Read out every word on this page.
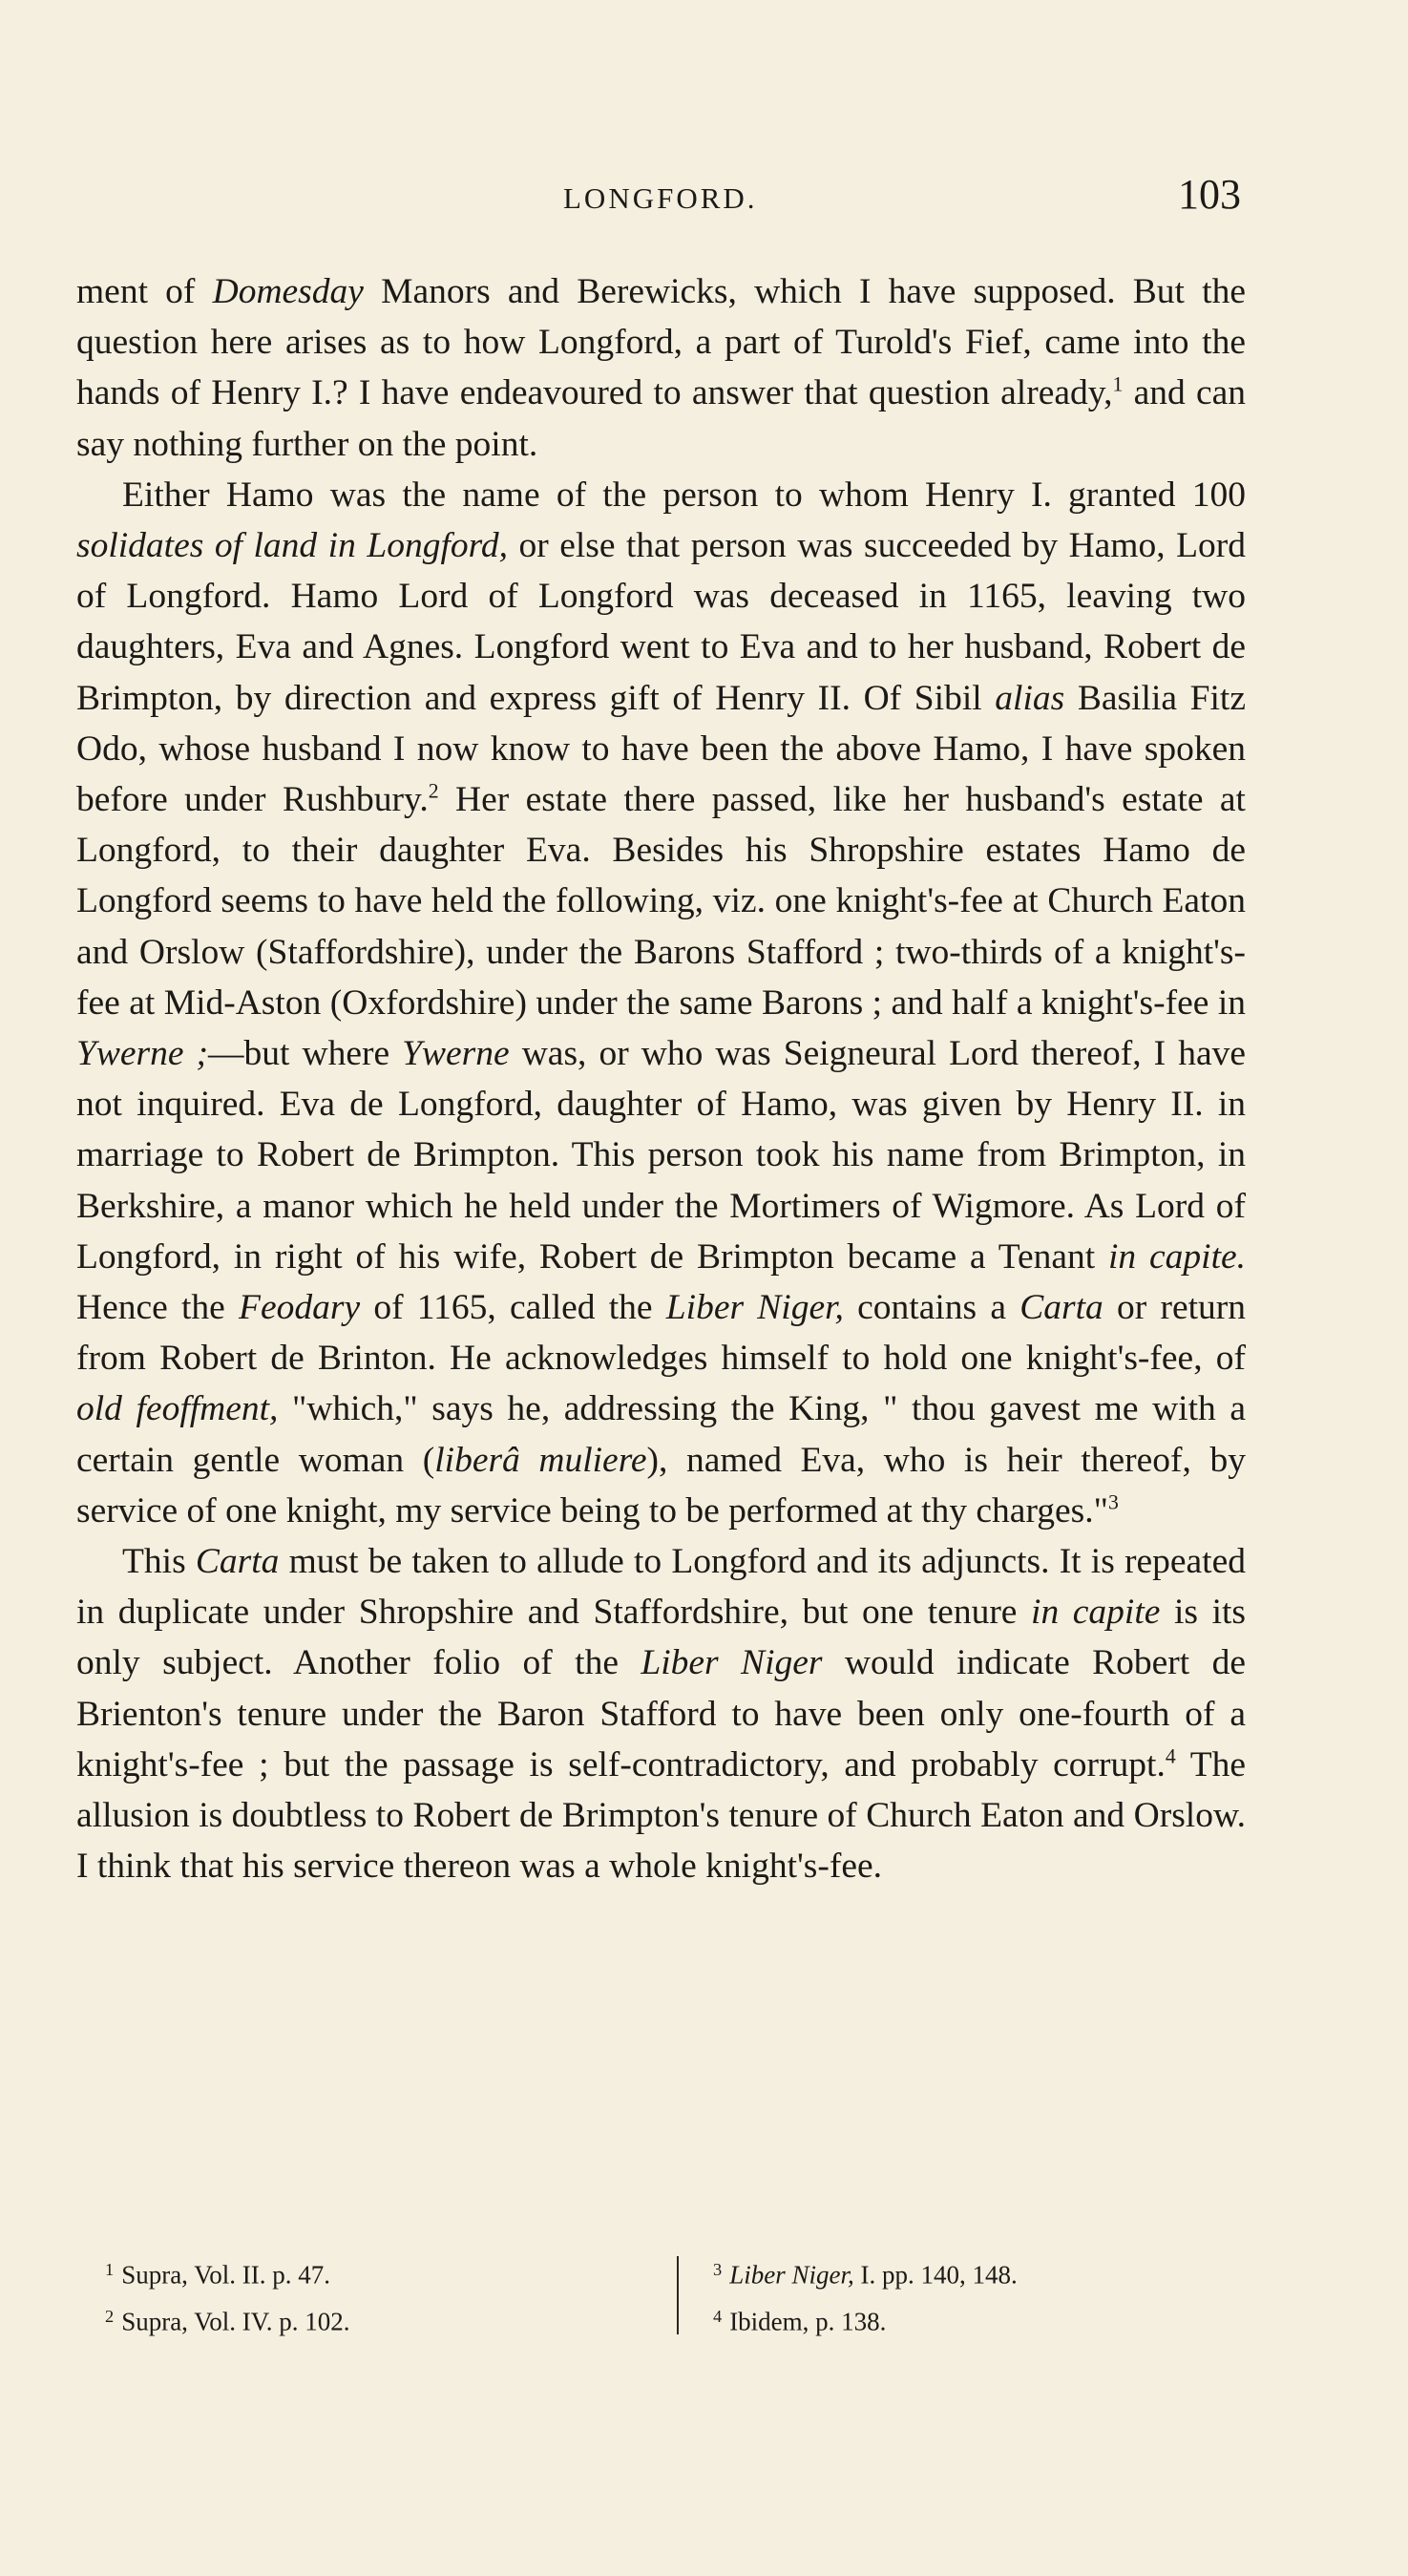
LONGFORD.	103

ment of Domesday Manors and Berewicks, which I have supposed. But the question here arises as to how Longford, a part of Turold's Fief, came into the hands of Henry I.? I have endeavoured to answer that question already,$^1$ and can say nothing further on the point.

Either Hamo was the name of the person to whom Henry I. granted 100 solidates of land in Longford, or else that person was succeeded by Hamo, Lord of Longford. Hamo Lord of Longford was deceased in 1165, leaving two daughters, Eva and Agnes. Longford went to Eva and to her husband, Robert de Brimpton, by direction and express gift of Henry II. Of Sibil alias Basilia Fitz Odo, whose husband I now know to have been the above Hamo, I have spoken before under Rushbury.$^2$ Her estate there passed, like her husband's estate at Longford, to their daughter Eva. Besides his Shropshire estates Hamo de Longford seems to have held the following, viz. one knight's-fee at Church Eaton and Orslow (Staffordshire), under the Barons Stafford ; two-thirds of a knight's-fee at Mid-Aston (Oxfordshire) under the same Barons ; and half a knight's-fee in Ywerne ;—but where Ywerne was, or who was Seigneural Lord thereof, I have not inquired. Eva de Longford, daughter of Hamo, was given by Henry II. in marriage to Robert de Brimpton. This person took his name from Brimpton, in Berkshire, a manor which he held under the Mortimers of Wigmore. As Lord of Longford, in right of his wife, Robert de Brimpton became a Tenant in capite. Hence the Feodary of 1165, called the Liber Niger, contains a Carta or return from Robert de Brinton. He acknowledges himself to hold one knight's-fee, of old feoffment, "which," says he, addressing the King, " thou gavest me with a certain gentle woman (liberâ muliere), named Eva, who is heir thereof, by service of one knight, my service being to be performed at thy charges."$^3$

This Carta must be taken to allude to Longford and its adjuncts. It is repeated in duplicate under Shropshire and Staffordshire, but one tenure in capite is its only subject. Another folio of the Liber Niger would indicate Robert de Brienton's tenure under the Baron Stafford to have been only one-fourth of a knight's-fee ; but the passage is self-contradictory, and probably corrupt.$^4$ The allusion is doubtless to Robert de Brimpton's tenure of Church Eaton and Orslow. I think that his service thereon was a whole knight's-fee.

$^1$ Supra, Vol. II. p. 47.
$^2$ Supra, Vol. IV. p. 102.
$^3$ Liber Niger, I. pp. 140, 148.
$^4$ Ibidem, p. 138.
